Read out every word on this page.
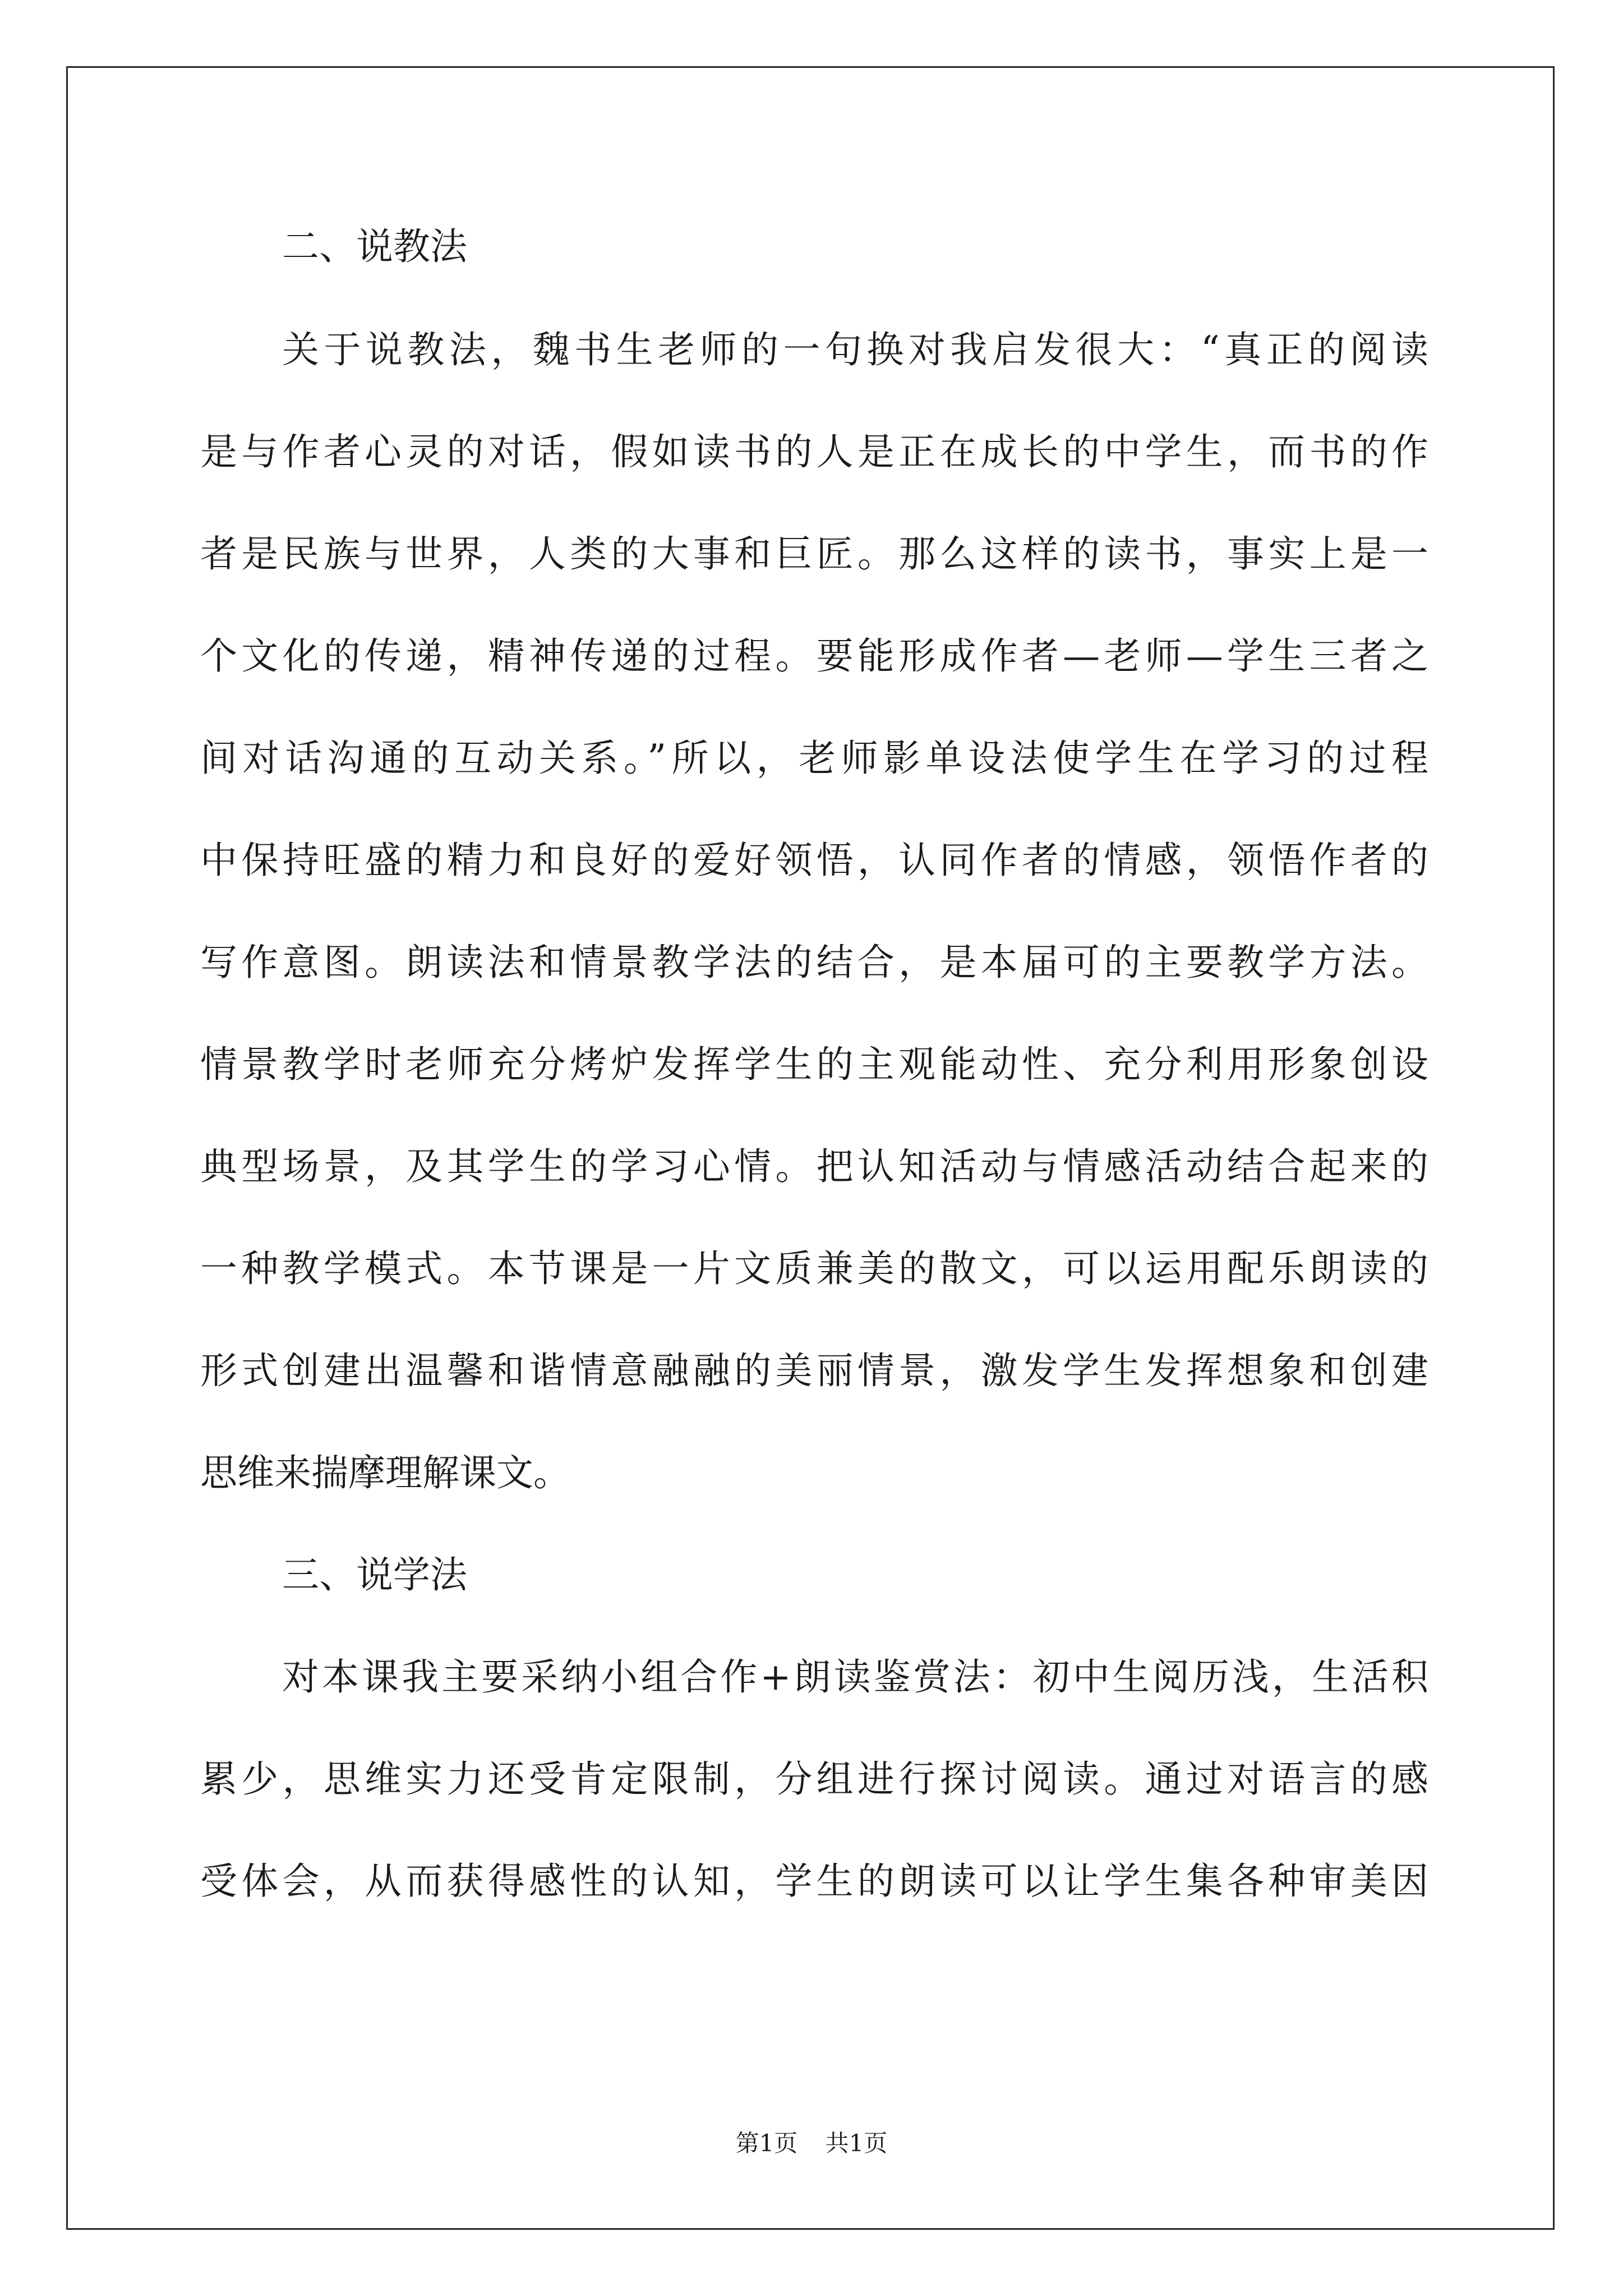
二、说教法
关于说教法，魏书生老师的一句换对我启发很大：“真正的阅读
是与作者心灵的对话，假如读书的人是正在成长的中学生，而书的作
者是民族与世界，人类的大事和巨匠。那么这样的读书，事实上是一
个文化的传递，精神传递的过程。要能形成作者—老师—学生三者之
间对话沟通的互动关系。”所以，老师影单设法使学生在学习的过程
中保持旺盛的精力和良好的爱好领悟，认同作者的情感，领悟作者的
写作意图。朗读法和情景教学法的结合，是本届可的主要教学方法。
情景教学时老师充分烤炉发挥学生的主观能动性、充分利用形象创设
典型场景，及其学生的学习心情。把认知活动与情感活动结合起来的
一种教学模式。本节课是一片文质兼美的散文，可以运用配乐朗读的
形式创建出温馨和谐情意融融的美丽情景，激发学生发挥想象和创建
思维来揣摩理解课文。
三、说学法
对本课我主要采纳小组合作+朗读鉴赏法：初中生阅历浅，生活积
累少，思维实力还受肯定限制，分组进行探讨阅读。通过对语言的感
受体会，从而获得感性的认知，学生的朗读可以让学生集各种审美因
第1页 共1页
